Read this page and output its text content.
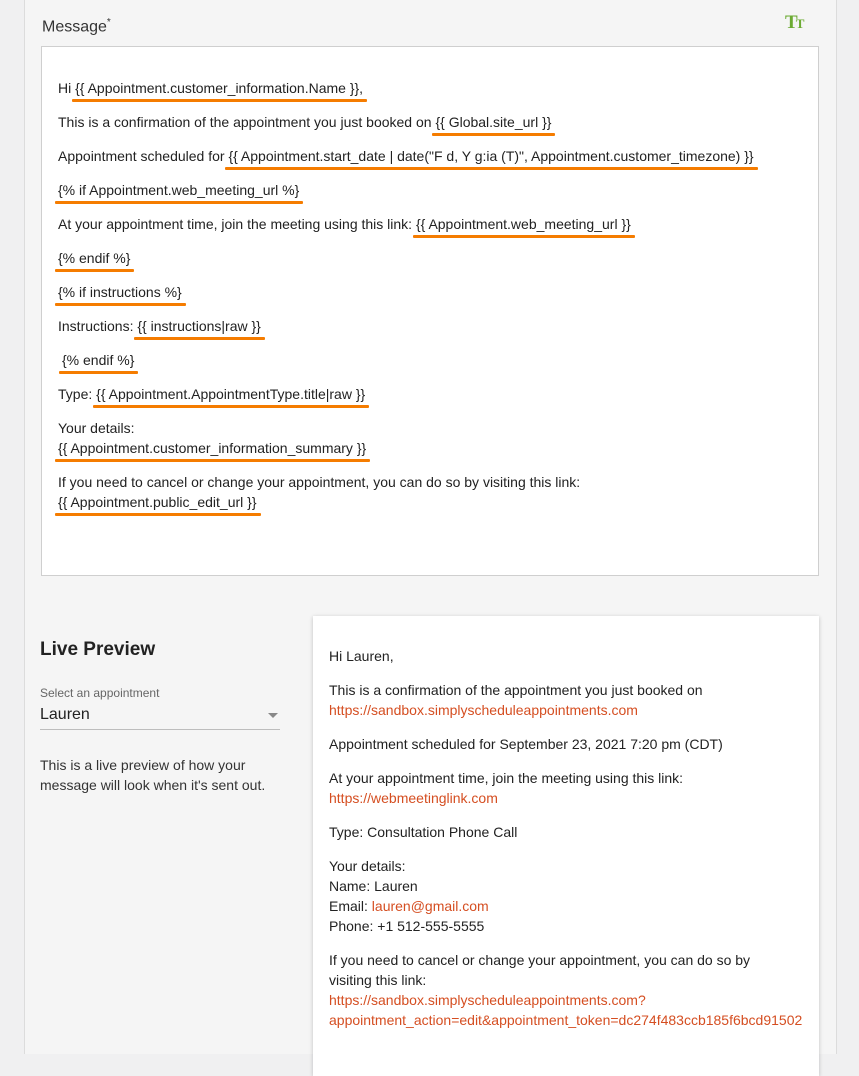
Message*	TT
Hi {{ Appointment.customer_information.Name }},
This is a confirmation of the appointment you just booked on {{ Global.site_url }}
Appointment scheduled for {{ Appointment.start_date | date("F d, Y g:ia (T)", Appointment.customer_timezone) }}
{% if Appointment.web_meeting_url %}
At your appointment time, join the meeting using this link: {{ Appointment.web_meeting_url }}
{% endif %}
{% if instructions %}
Instructions: {{ instructions|raw }}
{% endif %}
Type: {{ Appointment.AppointmentType.title|raw }}
Your details:
{{ Appointment.customer_information_summary }}
If you need to cancel or change your appointment, you can do so by visiting this link:
{{ Appointment.public_edit_url }}
Live Preview
Select an appointment
Lauren
This is a live preview of how your message will look when it's sent out.
Hi Lauren,
This is a confirmation of the appointment you just booked on
https://sandbox.simplyscheduleappointments.com
Appointment scheduled for September 23, 2021 7:20 pm (CDT)
At your appointment time, join the meeting using this link:
https://webmeetinglink.com
Type: Consultation Phone Call
Your details:
Name: Lauren
Email: lauren@gmail.com
Phone: +1 512-555-5555
If you need to cancel or change your appointment, you can do so by
visiting this link:
https://sandbox.simplyscheduleappointments.com?
appointment_action=edit&appointment_token=dc274f483ccb185f6bcd91502
